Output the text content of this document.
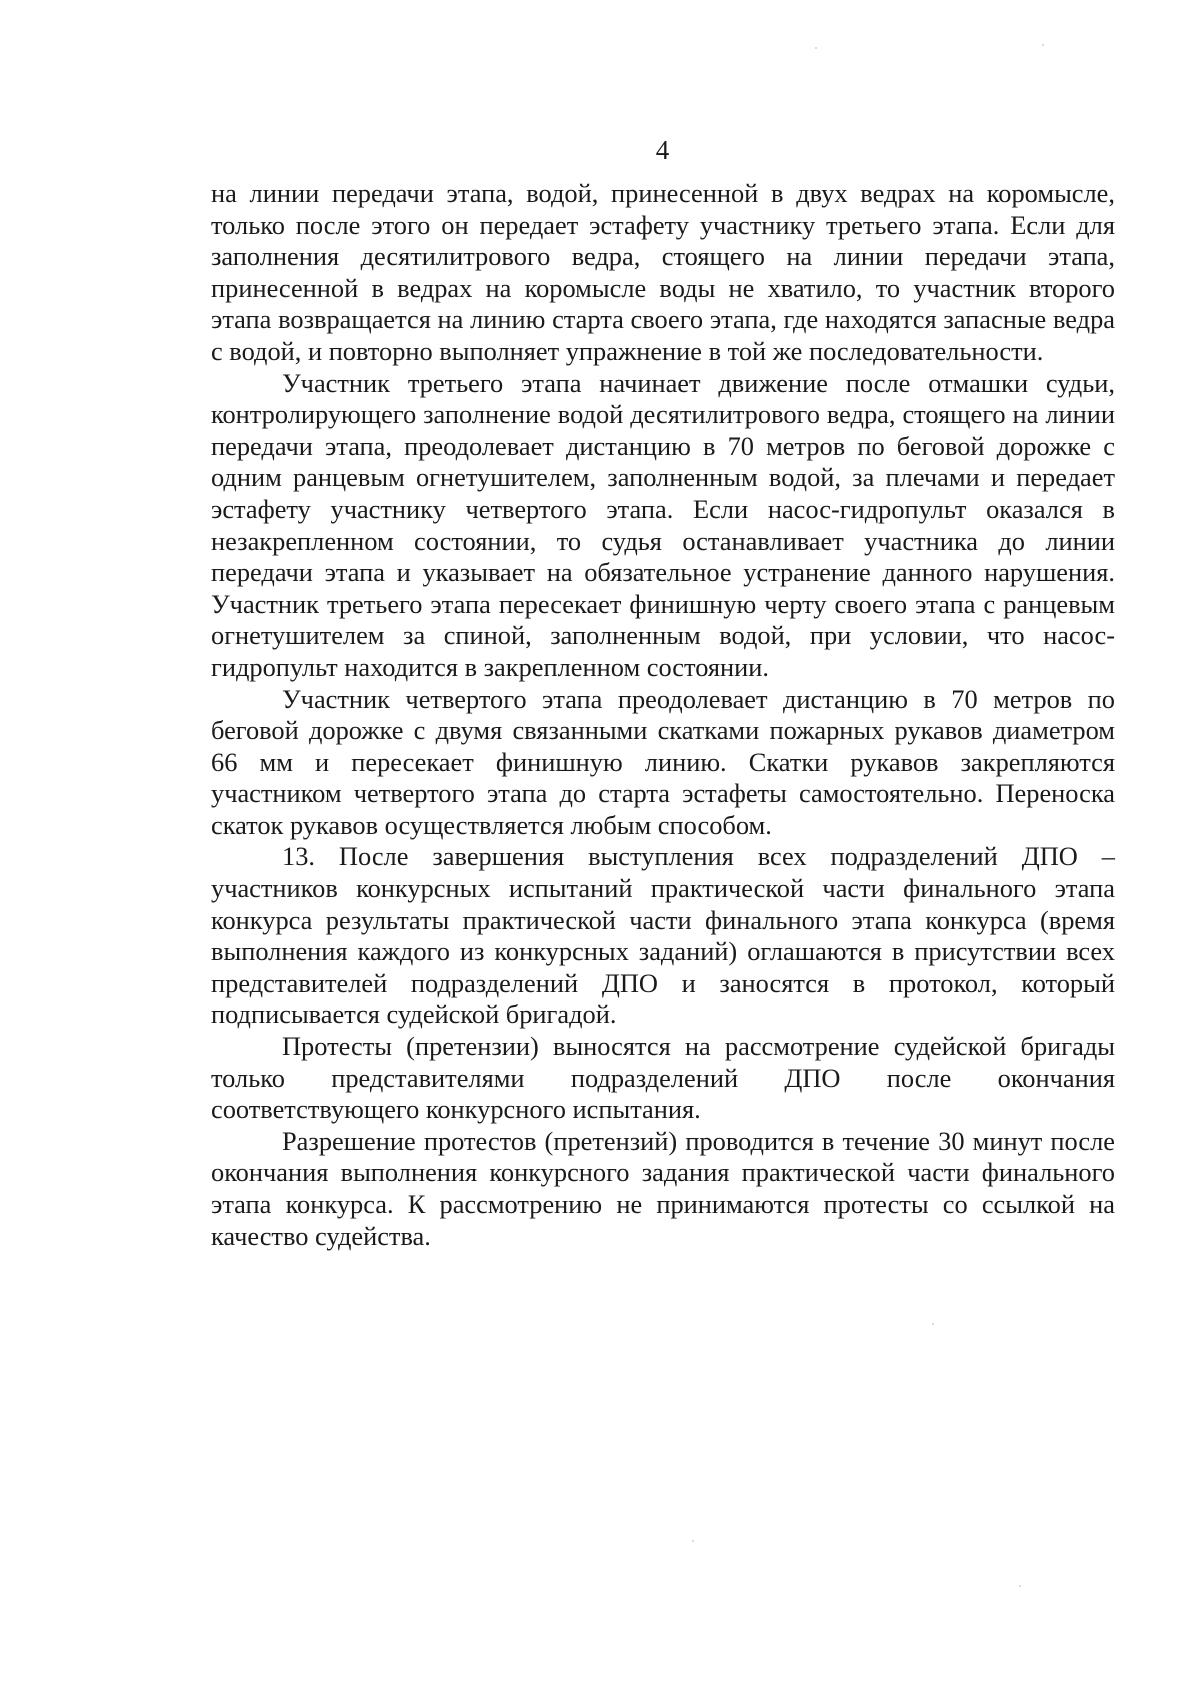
4

на линии передачи этапа, водой, принесенной в двух ведрах на коромысле, только после этого он передает эстафету участнику третьего этапа. Если для заполнения десятилитрового ведра, стоящего на линии передачи этапа, принесенной в ведрах на коромысле воды не хватило, то участник второго этапа возвращается на линию старта своего этапа, где находятся запасные ведра с водой, и повторно выполняет упражнение в той же последовательности.

Участник третьего этапа начинает движение после отмашки судьи, контролирующего заполнение водой десятилитрового ведра, стоящего на линии передачи этапа, преодолевает дистанцию в 70 метров по беговой дорожке с одним ранцевым огнетушителем, заполненным водой, за плечами и передает эстафету участнику четвертого этапа. Если насос-гидропульт оказался в незакрепленном состоянии, то судья останавливает участника до линии передачи этапа и указывает на обязательное устранение данного нарушения. Участник третьего этапа пересекает финишную черту своего этапа с ранцевым огнетушителем за спиной, заполненным водой, при условии, что насос-гидропульт находится в закрепленном состоянии.

Участник четвертого этапа преодолевает дистанцию в 70 метров по беговой дорожке с двумя связанными скатками пожарных рукавов диаметром 66 мм и пересекает финишную линию. Скатки рукавов закрепляются участником четвертого этапа до старта эстафеты самостоятельно. Переноска скаток рукавов осуществляется любым способом.

13. После завершения выступления всех подразделений ДПО – участников конкурсных испытаний практической части финального этапа конкурса результаты практической части финального этапа конкурса (время выполнения каждого из конкурсных заданий) оглашаются в присутствии всех представителей подразделений ДПО и заносятся в протокол, который подписывается судейской бригадой.

Протесты (претензии) выносятся на рассмотрение судейской бригады только представителями подразделений ДПО после окончания соответствующего конкурсного испытания.

Разрешение протестов (претензий) проводится в течение 30 минут после окончания выполнения конкурсного задания практической части финального этапа конкурса. К рассмотрению не принимаются протесты со ссылкой на качество судейства.
